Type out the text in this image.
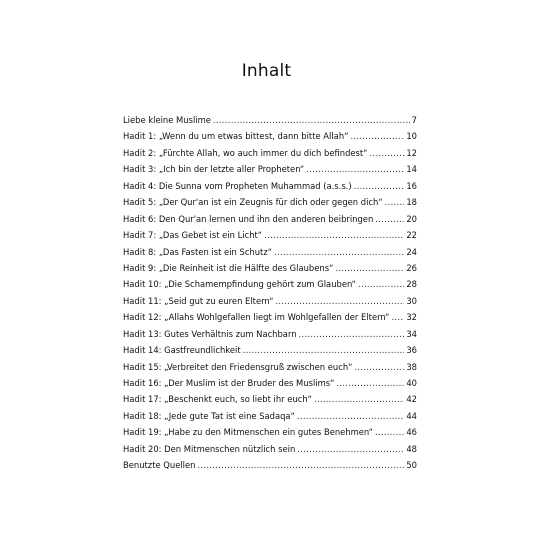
Inhalt
Liebe kleine Muslime .....	7
Hadit 1: „Wenn du um etwas bittest, dann bitte Allah“ .....	10
Hadit 2: „Fürchte Allah, wo auch immer du dich befindest“ .....	12
Hadit 3: „Ich bin der letzte aller Propheten“ .....	14
Hadit 4: Die Sunna vom Propheten Muhammad (a.s.s.) .....	16
Hadit 5: „Der Qur'an ist ein Zeugnis für dich oder gegen dich“ .....	18
Hadit 6: Den Qur'an lernen und ihn den anderen beibringen .....	20
Hadit 7: „Das Gebet ist ein Licht“ .....	22
Hadit 8: „Das Fasten ist ein Schutz“ .....	24
Hadit 9: „Die Reinheit ist die Hälfte des Glaubens“ .....	26
Hadit 10: „Die Schamempfindung gehört zum Glauben“ .....	28
Hadit 11: „Seid gut zu euren Eltern“ .....	30
Hadit 12: „Allahs Wohlgefallen liegt im Wohlgefallen der Eltern“ ..... 32
Hadit 13: Gutes Verhältnis zum Nachbarn .....	34
Hadit 14: Gastfreundlichkeit .....	36
Hadit 15: „Verbreitet den Friedensgruß zwischen euch“ .....	38
Hadit 16: „Der Muslim ist der Bruder des Muslims“ .....	40
Hadit 17: „Beschenkt euch, so liebt ihr euch“ .....	42
Hadit 18: „Jede gute Tat ist eine Sadaqa“ .....	44
Hadit 19: „Habe zu den Mitmenschen ein gutes Benehmen“ .....	46
Hadit 20: Den Mitmenschen nützlich sein .....	48
Benutzte Quellen .....	50
